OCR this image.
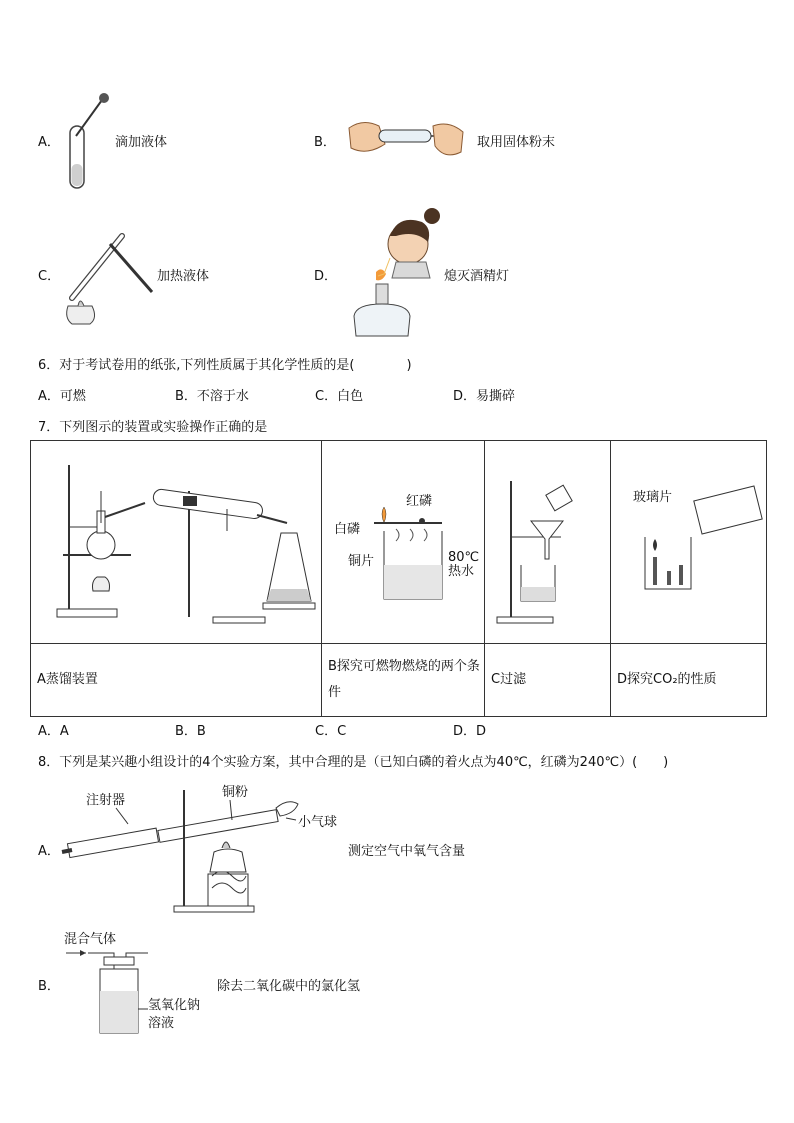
A．	滴加液体	B．	取用固体粉末
C．	加热液体	D．	熄灭酒精灯
6．对于考试卷用的纸张,下列性质属于其化学性质的是(　　　　)
A．可燃	B．不溶于水	C．白色	D．易撕碎
7．下列图示的装置或实验操作正确的是

红磷
白磷
铜片 80℃
热水		玻璃片

A蒸馏装置	B探究可燃物燃烧的两个条件	C过滤	D探究CO₂的性质
A．A	B．B	C．C	D．D
8．下列是某兴趣小组设计的4个实验方案，其中合理的是（已知白磷的着火点为40℃，红磷为240℃）(　　)
A．
注射器
铜粉
小气球
测定空气中氧气含量
B．
混合气体
氢氧化钠
溶液
除去二氧化碳中的氯化氢
